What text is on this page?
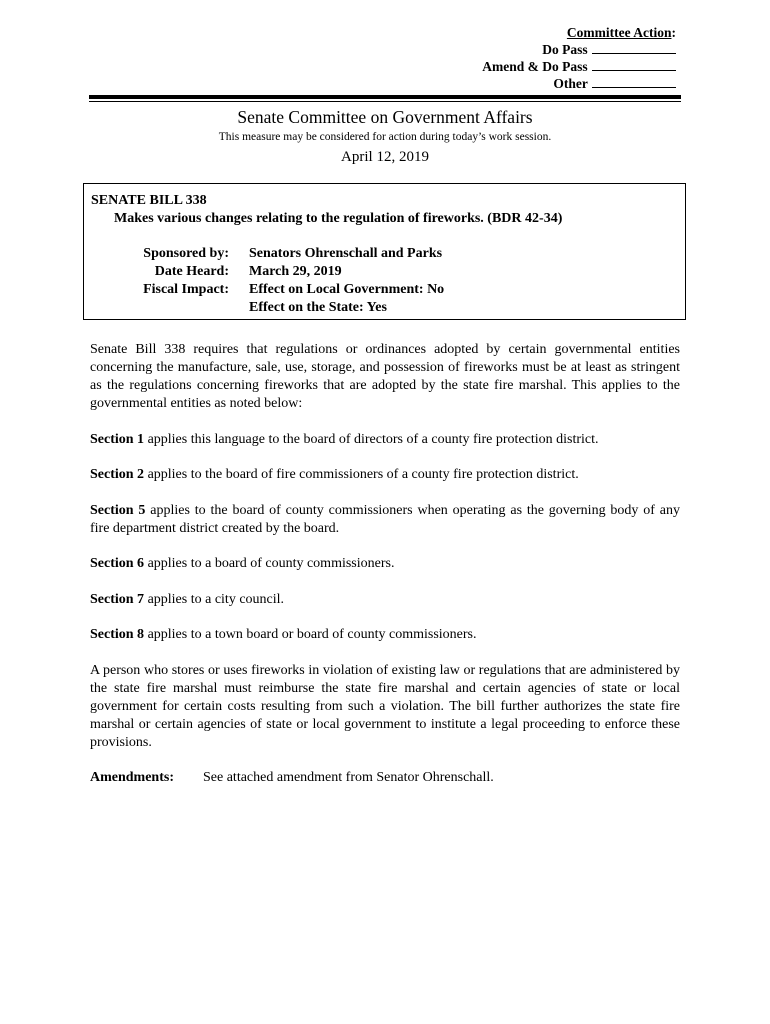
Committee Action:
Do Pass
Amend & Do Pass
Other
Senate Committee on Government Affairs
This measure may be considered for action during today’s work session.
April 12, 2019
SENATE BILL 338
Makes various changes relating to the regulation of fireworks. (BDR 42-34)
Sponsored by:
Date Heard:
Fiscal Impact:
Senators Ohrenschall and Parks
March 29, 2019
Effect on Local Government: No
Effect on the State: Yes

Senate Bill 338 requires that regulations or ordinances adopted by certain governmental entities concerning the manufacture, sale, use, storage, and possession of fireworks must be at least as stringent as the regulations concerning fireworks that are adopted by the state fire marshal. This applies to the governmental entities as noted below:

Section 1 applies this language to the board of directors of a county fire protection district.

Section 2 applies to the board of fire commissioners of a county fire protection district.

Section 5 applies to the board of county commissioners when operating as the governing body of any fire department district created by the board.

Section 6 applies to a board of county commissioners.

Section 7 applies to a city council.

Section 8 applies to a town board or board of county commissioners.

A person who stores or uses fireworks in violation of existing law or regulations that are administered by the state fire marshal must reimburse the state fire marshal and certain agencies of state or local government for certain costs resulting from such a violation. The bill further authorizes the state fire marshal or certain agencies of state or local government to institute a legal proceeding to enforce these provisions.

Amendments:	See attached amendment from Senator Ohrenschall.
